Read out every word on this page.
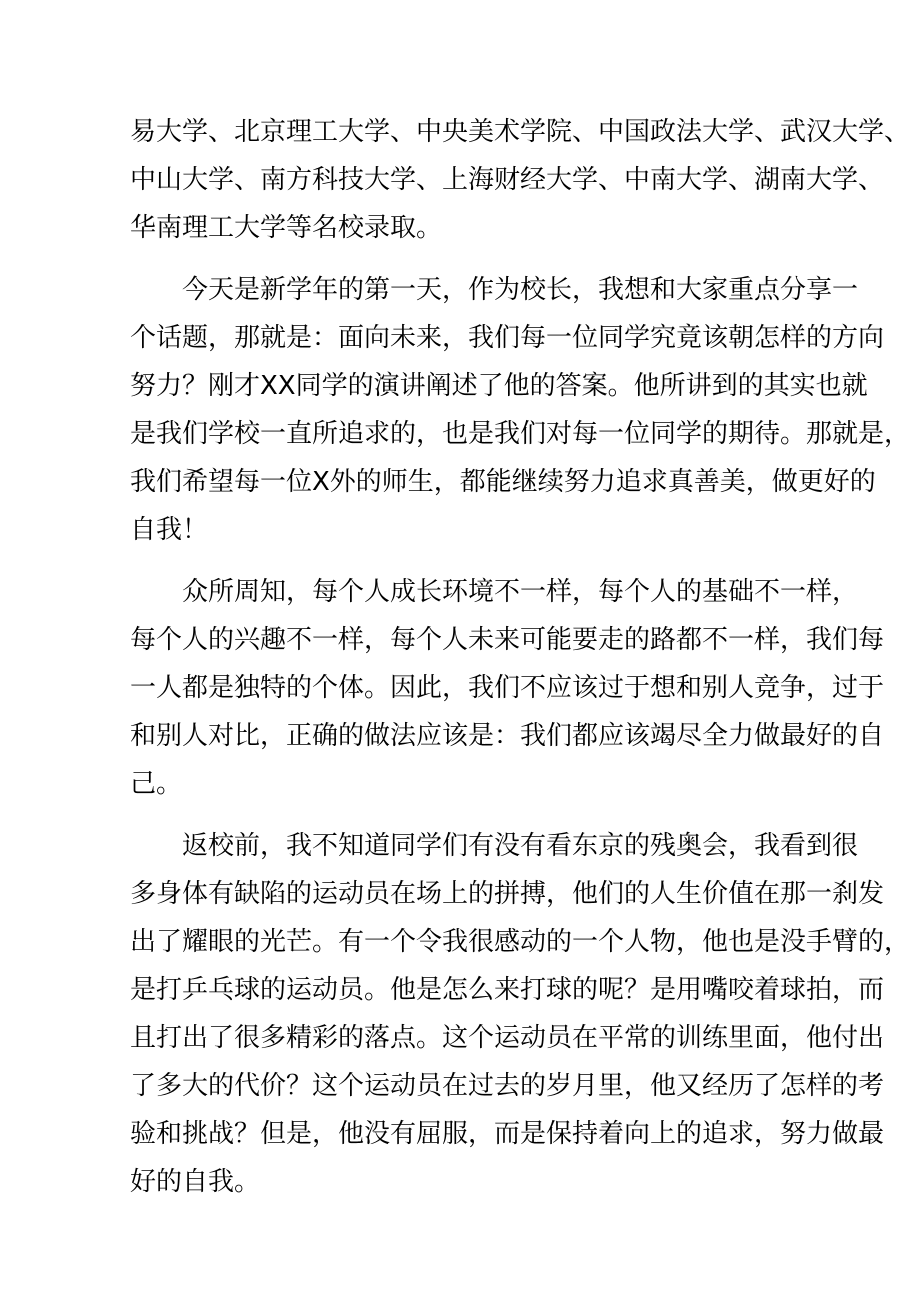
易大学、北京理工大学、中央美术学院、中国政法大学、武汉大学、
中山大学、南方科技大学、上海财经大学、中南大学、湖南大学、
华南理工大学等名校录取。
今天是新学年的第一天，作为校长，我想和大家重点分享一
个话题，那就是：面向未来，我们每一位同学究竟该朝怎样的方向
努力？刚才XX同学的演讲阐述了他的答案。他所讲到的其实也就
是我们学校一直所追求的，也是我们对每一位同学的期待。那就是，
我们希望每一位X外的师生，都能继续努力追求真善美，做更好的
自我！
众所周知，每个人成长环境不一样，每个人的基础不一样，
每个人的兴趣不一样，每个人未来可能要走的路都不一样，我们每
一人都是独特的个体。因此，我们不应该过于想和别人竞争，过于
和别人对比，正确的做法应该是：我们都应该竭尽全力做最好的自
己。
返校前，我不知道同学们有没有看东京的残奥会，我看到很
多身体有缺陷的运动员在场上的拼搏，他们的人生价值在那一刹发
出了耀眼的光芒。有一个令我很感动的一个人物，他也是没手臂的，
是打乒乓球的运动员。他是怎么来打球的呢？是用嘴咬着球拍，而
且打出了很多精彩的落点。这个运动员在平常的训练里面，他付出
了多大的代价？这个运动员在过去的岁月里，他又经历了怎样的考
验和挑战？但是，他没有屈服，而是保持着向上的追求，努力做最
好的自我。
